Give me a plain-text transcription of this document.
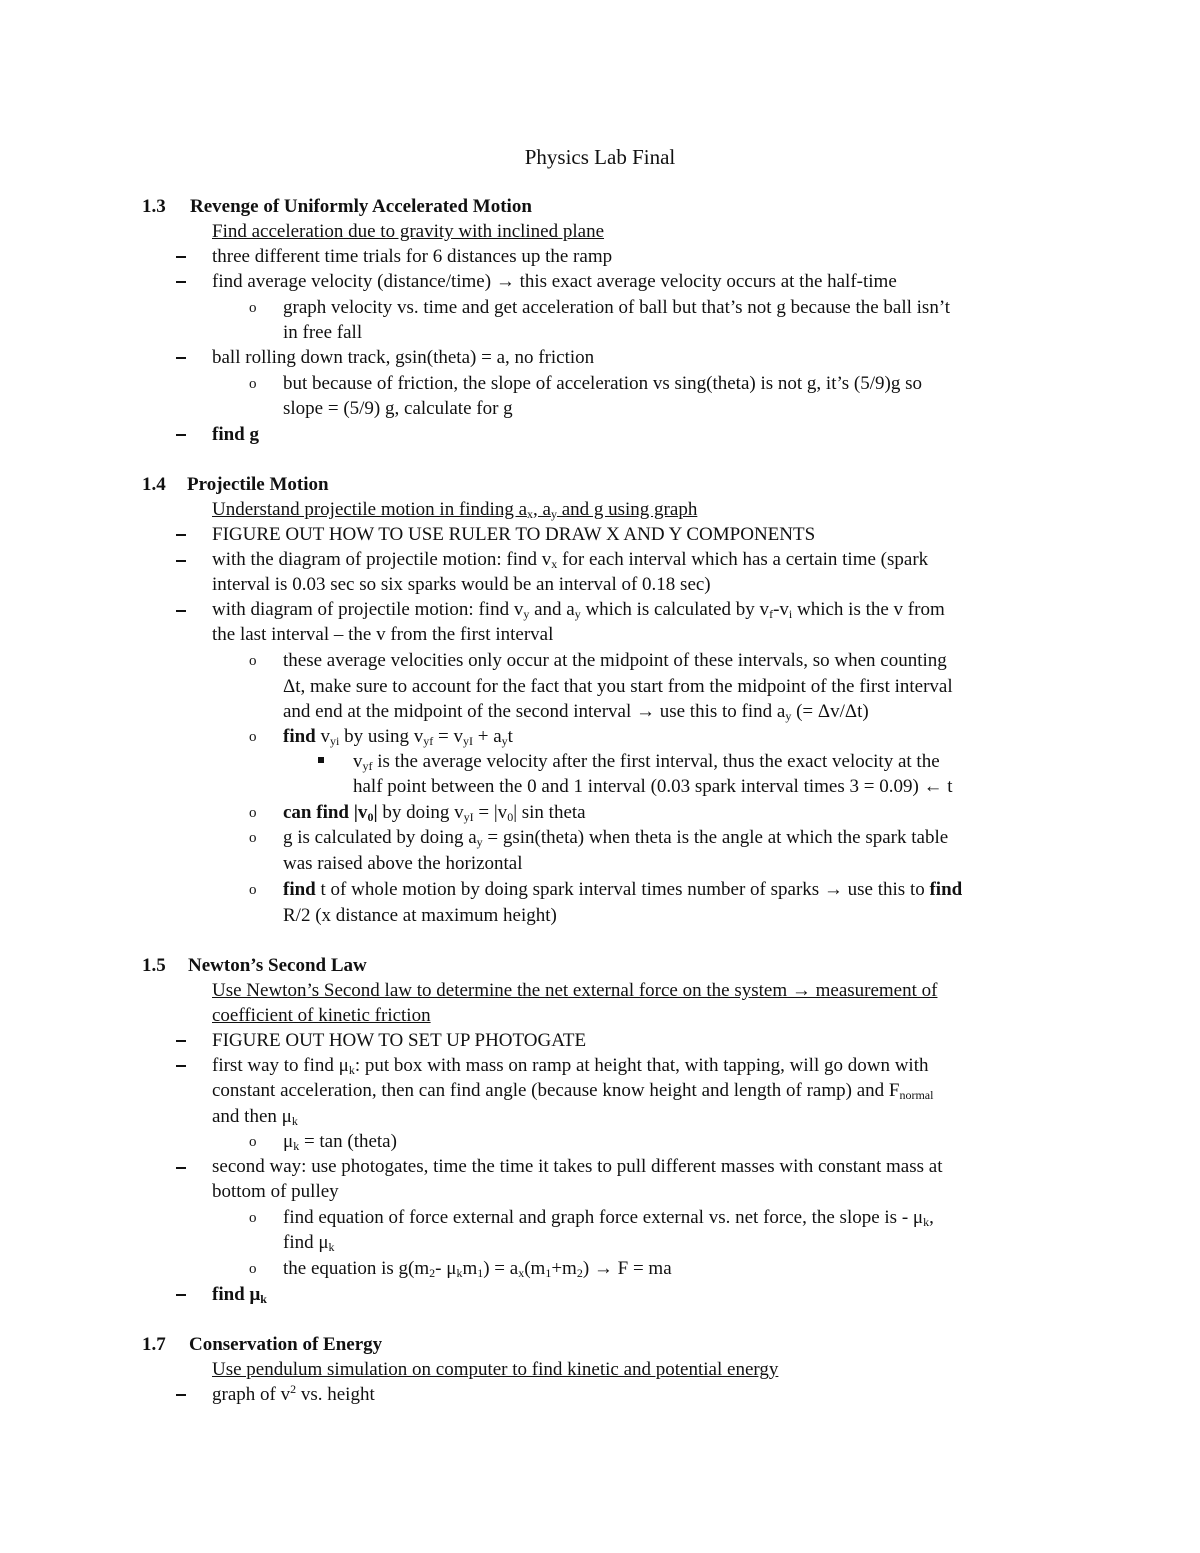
Physics Lab Final
1.3 Revenge of Uniformly Accelerated Motion
Find acceleration due to gravity with inclined plane
three different time trials for 6 distances up the ramp
find average velocity (distance/time) → this exact average velocity occurs at the half-time
o graph velocity vs. time and get acceleration of ball but that’s not g because the ball isn’t
in free fall
ball rolling down track, gsin(theta) = a, no friction
o but because of friction, the slope of acceleration vs sing(theta) is not g, it’s (5/9)g so
slope = (5/9) g, calculate for g
find g
1.4 Projectile Motion
Understand projectile motion in finding $a_x$, $a_y$ and g using graph
FIGURE OUT HOW TO USE RULER TO DRAW X AND Y COMPONENTS
with the diagram of projectile motion: find $v_x$ for each interval which has a certain time (spark
interval is 0.03 sec so six sparks would be an interval of 0.18 sec)
with diagram of projectile motion: find $v_y$ and $a_y$ which is calculated by $v_f-v_i$ which is the v from
the last interval – the v from the first interval
o these average velocities only occur at the midpoint of these intervals, so when counting
Δt, make sure to account for the fact that you start from the midpoint of the first interval
and end at the midpoint of the second interval → use this to find $a_y$ (= Δv/Δt)
o find $v_{yi}$ by using $v_{yf} = v_{yI} + a_yt$
$v_{yf}$ is the average velocity after the first interval, thus the exact velocity at the
half point between the 0 and 1 interval (0.03 spark interval times 3 = 0.09) ← t
o can find $|v_0|$ by doing $v_{yI} = |v_0|$ sin theta
o g is calculated by doing $a_y$ = gsin(theta) when theta is the angle at which the spark table
was raised above the horizontal
o find t of whole motion by doing spark interval times number of sparks → use this to find
R/2 (x distance at maximum height)
1.5 Newton’s Second Law
Use Newton’s Second law to determine the net external force on the system → measurement of
coefficient of kinetic friction
FIGURE OUT HOW TO SET UP PHOTOGATE
first way to find $\mu_k$: put box with mass on ramp at height that, with tapping, will go down with
constant acceleration, then can find angle (because know height and length of ramp) and $F_{normal}$
and then $\mu_k$
o $\mu_k = \tan$ (theta)
second way: use photogates, time the time it takes to pull different masses with constant mass at
bottom of pulley
o find equation of force external and graph force external vs. net force, the slope is - $\mu_k$,
find $\mu_k$
o the equation is $g(m_2-$ $\mu_km_1) = a_x(m_1+m_2) \to F$ = ma
find $\mu_k$
1.7 Conservation of Energy
Use pendulum simulation on computer to find kinetic and potential energy
graph of $v^2$ vs. height
